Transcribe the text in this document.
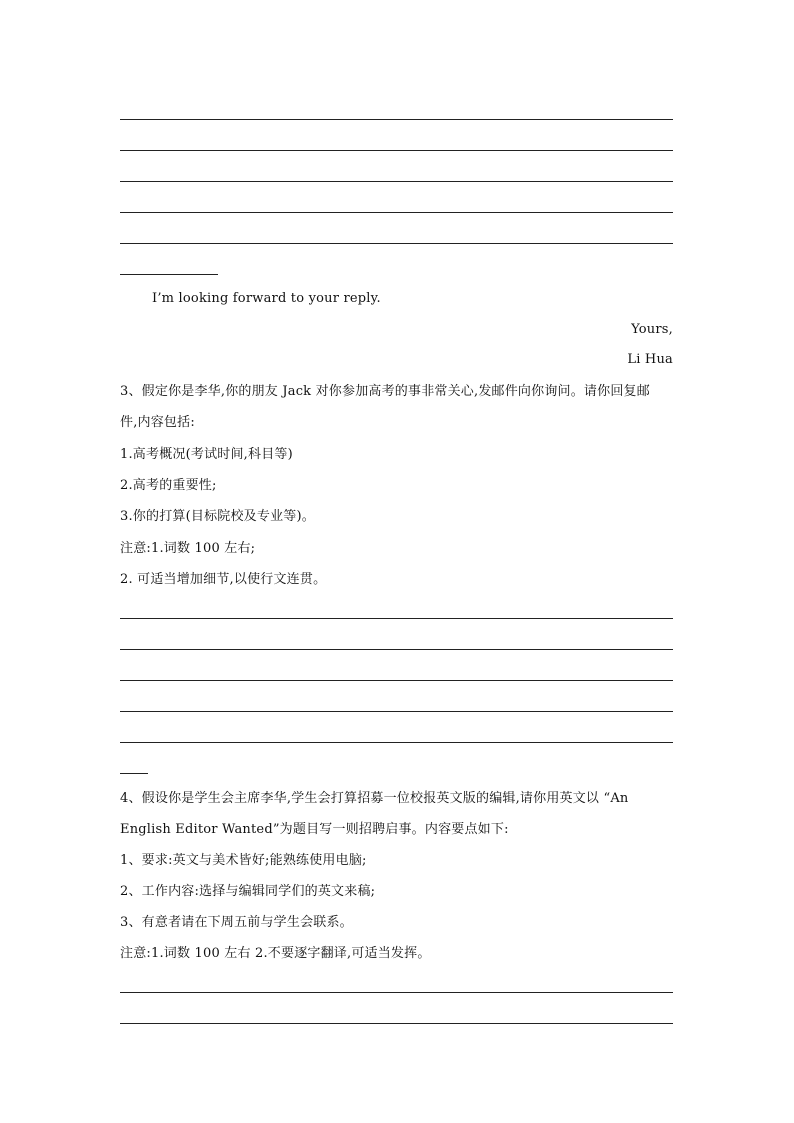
I’m looking forward to your reply.
Yours,
Li Hua
3、假定你是李华,你的朋友 Jack 对你参加高考的事非常关心,发邮件向你询问。请你回复邮
件,内容包括:
1.高考概况(考试时间,科目等)
2.高考的重要性;
3.你的打算(目标院校及专业等)。
注意:1.词数 100 左右;
2. 可适当增加细节,以使行文连贯。
4、假设你是学生会主席李华,学生会打算招募一位校报英文版的编辑,请你用英文以 “An
English Editor Wanted”为题目写一则招聘启事。内容要点如下:
1、要求:英文与美术皆好;能熟练使用电脑;
2、工作内容:选择与编辑同学们的英文来稿;
3、有意者请在下周五前与学生会联系。
注意:1.词数 100 左右 2.不要逐字翻译,可适当发挥。
